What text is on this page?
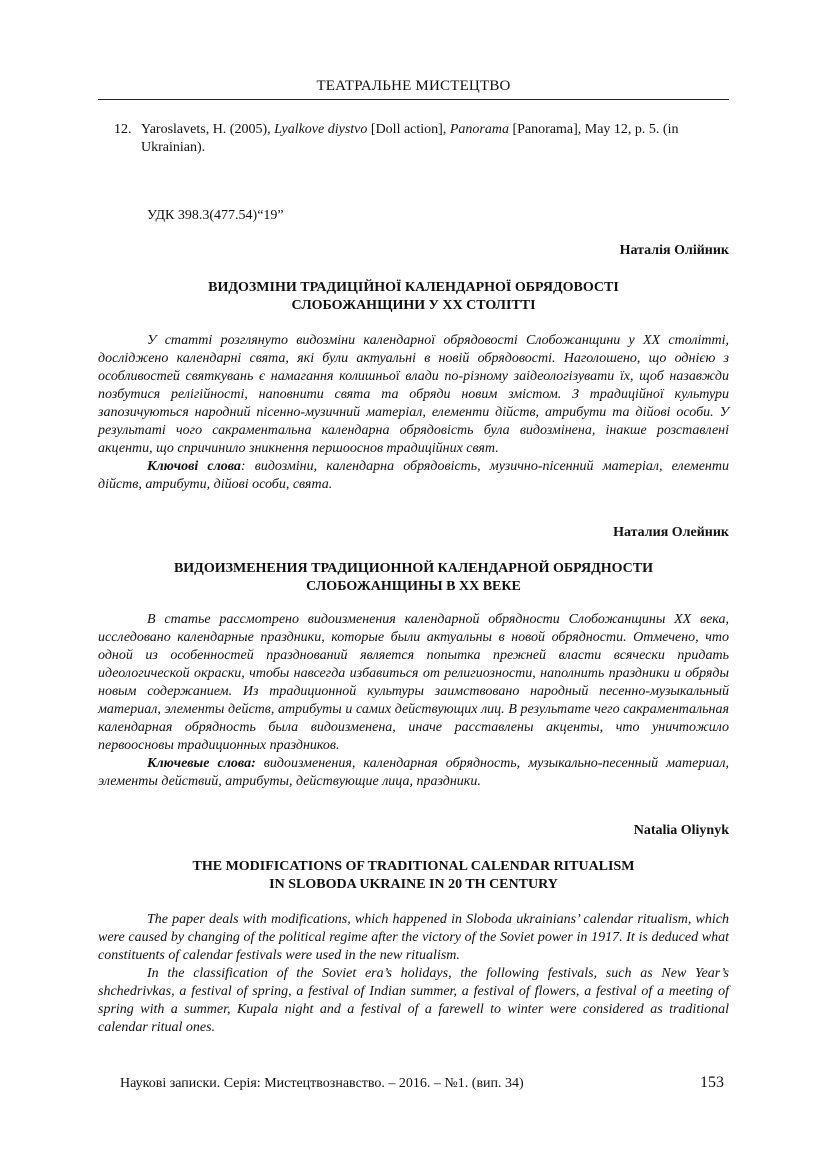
ТЕАТРАЛЬНЕ МИСТЕЦТВО
12. Yaroslavets, H. (2005), Lyalkove diystvo [Doll action], Panorama [Panorama], May 12, p. 5. (in Ukrainian).
УДК 398.3(477.54)“19”
Наталія Олійник
ВИДОЗМІНИ ТРАДИЦІЙНОЇ КАЛЕНДАРНОЇ ОБРЯДОВОСТІ
СЛОБОЖАНЩИНИ У ХХ СТОЛІТТІ

У статті розглянуто видозміни календарної обрядовості Слобожанщини у ХХ столітті, досліджено календарні свята, які були актуальні в новій обрядовості. Наголошено, що однією з особливостей святкувань є намагання колишньої влади по-різному заідеологізувати їх, щоб назавжди позбутися релігійності, наповнити свята та обряди новим змістом. З традиційної культури запозичуються народний пісенно-музичний матеріал, елементи дійств, атрибути та дійові особи. У результаті чого сакраментальна календарна обрядовість була видозмінена, інакше розставлені акценти, що спричинило зникнення першооснов традиційних свят.

Ключові слова: видозміни, календарна обрядовість, музично-пісенний матеріал, елементи дійств, атрибути, дійові особи, свята.

Наталия Олейник
ВИДОИЗМЕНЕНИЯ ТРАДИЦИОННОЙ КАЛЕНДАРНОЙ ОБРЯДНОСТИ
СЛОБОЖАНЩИНЫ В ХХ ВЕКЕ

В статье рассмотрено видоизменения календарной обрядности Слобожанщины ХХ века, исследовано календарные праздники, которые были актуальны в новой обрядности. Отмечено, что одной из особенностей празднований является попытка прежней власти всячески придать идеологической окраски, чтобы навсегда избавиться от религиозности, наполнить праздники и обряды новым содержанием. Из традиционной культуры заимствовано народный песенно-музыкальный материал, элементы действ, атрибуты и самих действующих лиц. В результате чего сакраментальная календарная обрядность была видоизменена, иначе расставлены акценты, что уничтожило первоосновы традиционных праздников.

Ключевые слова: видоизменения, календарная обрядность, музыкально-песенный материал, элементы действий, атрибуты, действующие лица, праздники.

Natalia Oliynyk
THE MODIFICATIONS OF TRADITIONAL CALENDAR RITUALISM
IN SLOBODA UKRAINE IN 20 TH CENTURY

The paper deals with modifications, which happened in Sloboda ukrainians’ calendar ritualism, which were caused by changing of the political regime after the victory of the Soviet power in 1917. It is deduced what constituents of calendar festivals were used in the new ritualism.

In the classification of the Soviet era’s holidays, the following festivals, such as New Year’s shchedrivkas, a festival of spring, a festival of Indian summer, a festival of flowers, a festival of a meeting of spring with a summer, Kupala night and a festival of a farewell to winter were considered as traditional calendar ritual ones.

Наукові записки. Серія: Мистецтвознавство. – 2016. – №1. (вип. 34)	153
